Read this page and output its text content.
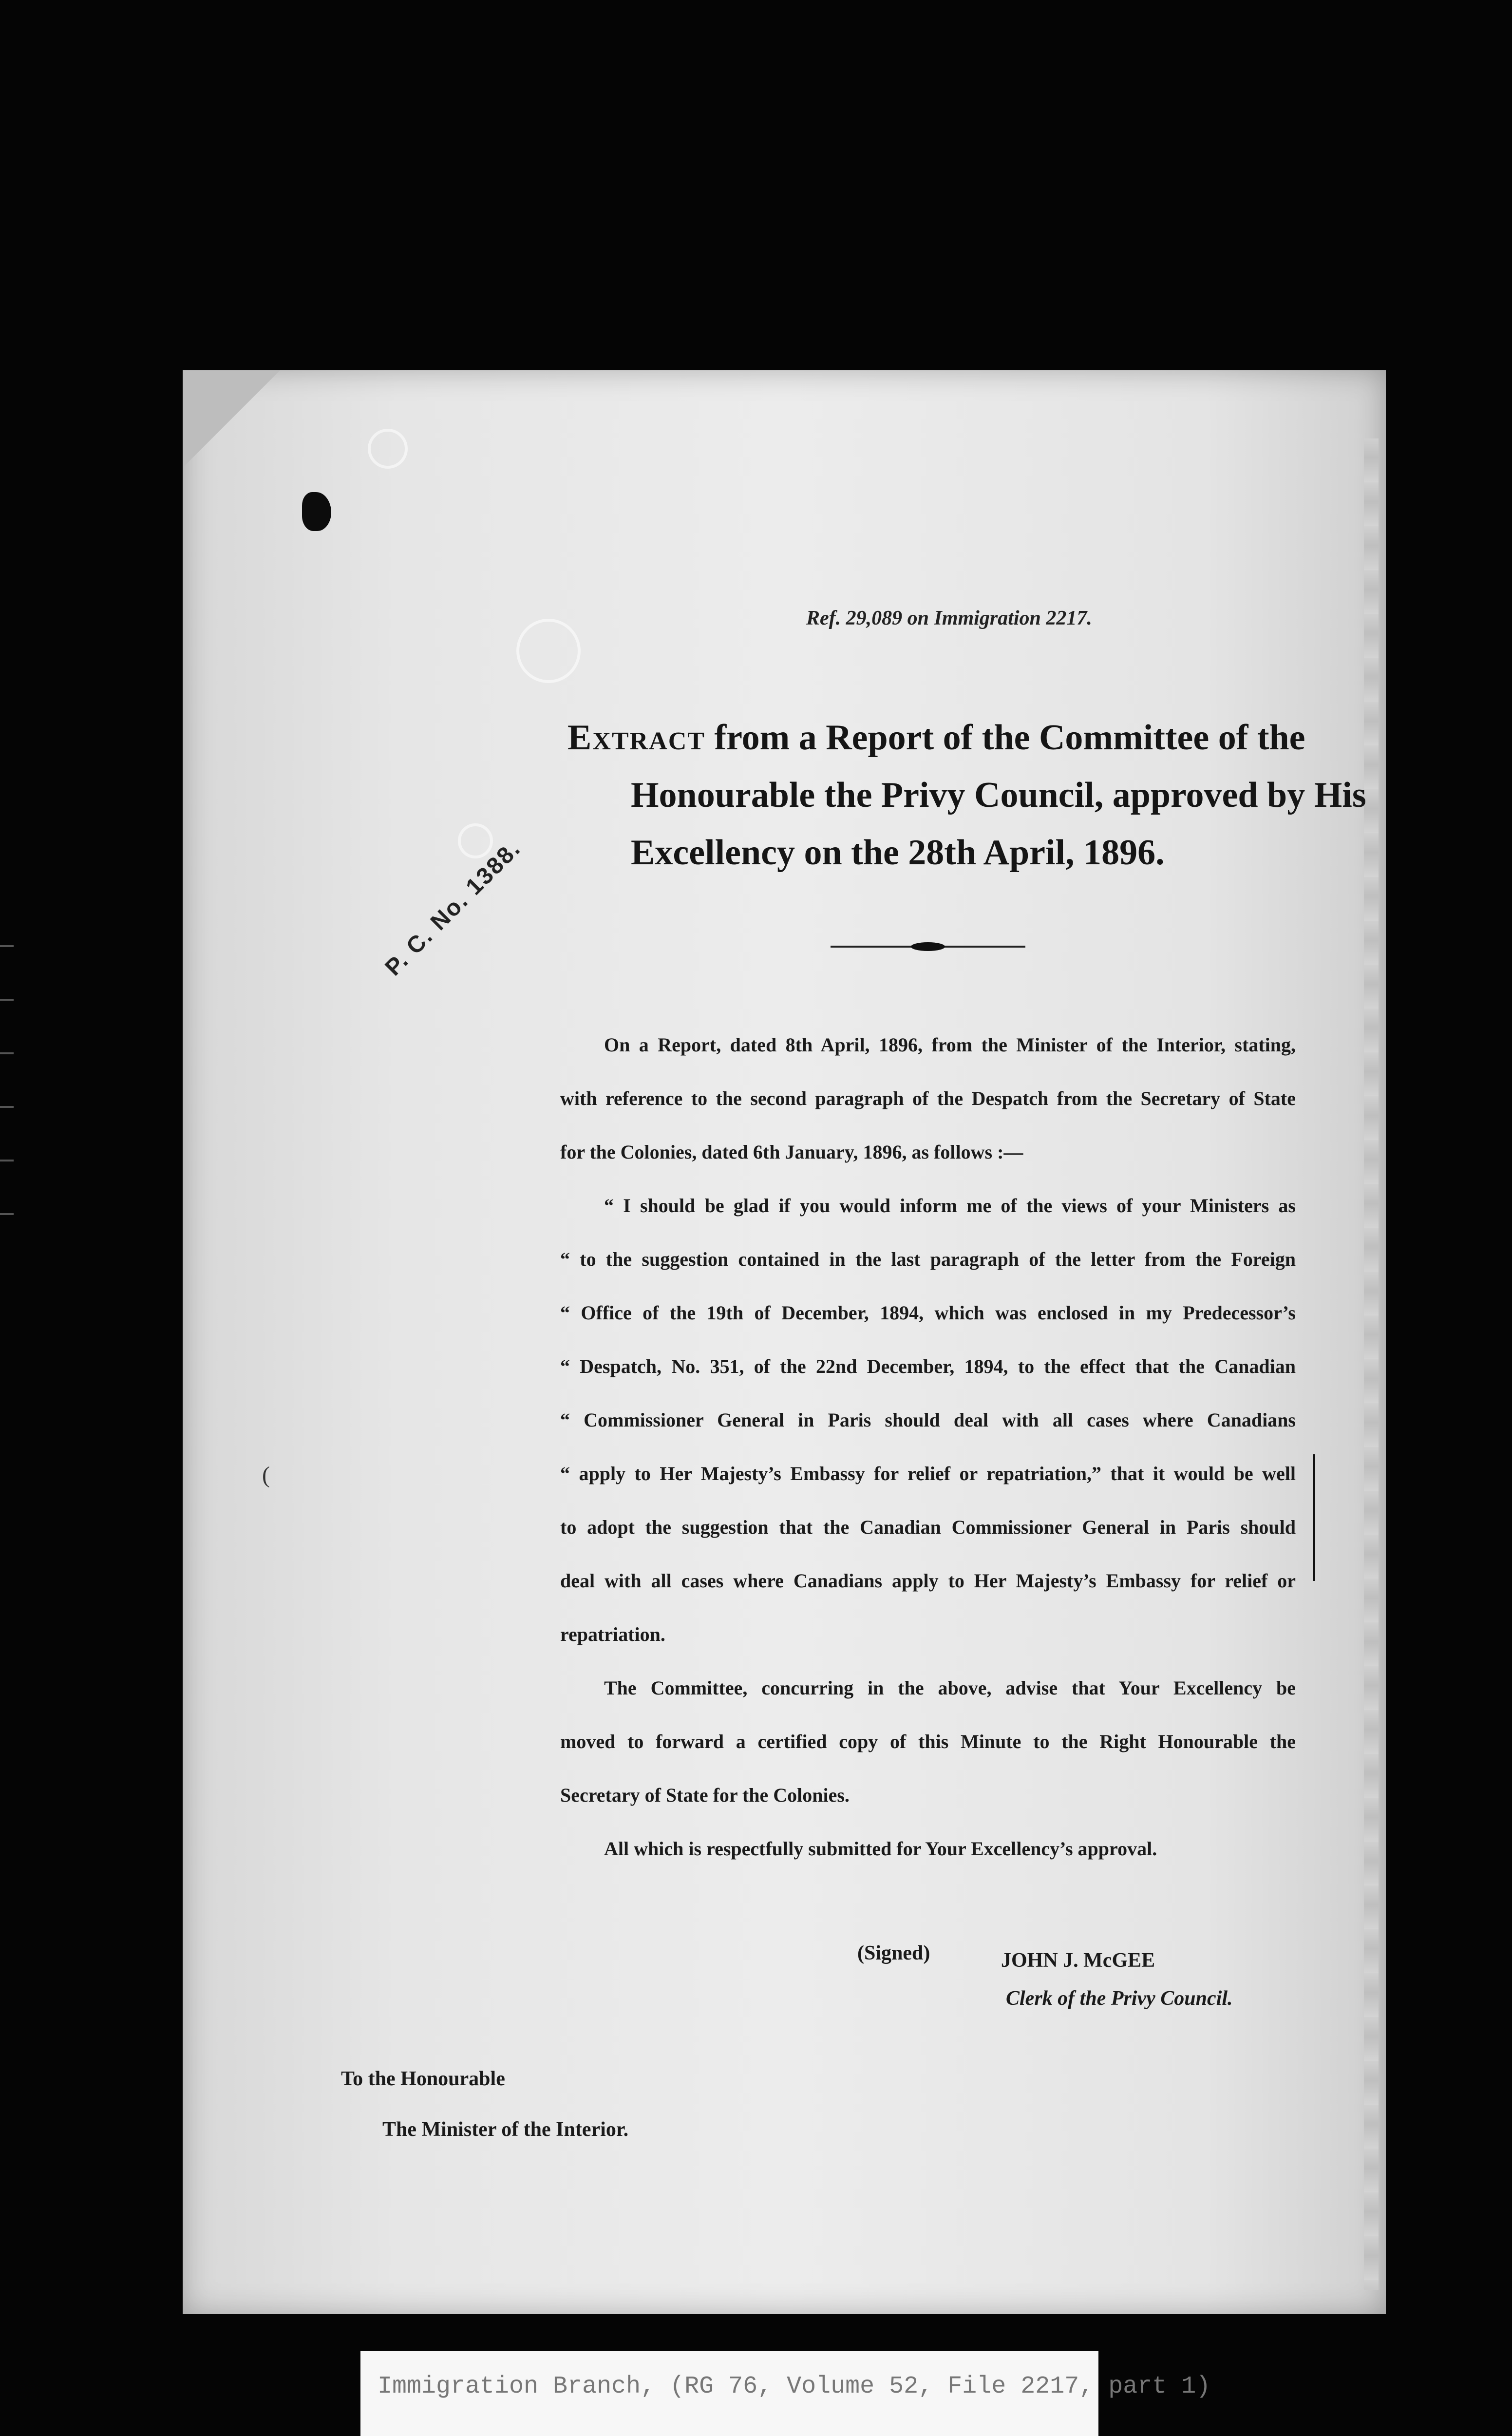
Ref. 29,089 on Immigration 2217.
Extract from a Report of the Committee of the
Honourable the Privy Council, approved by His
Excellency on the 28th April, 1896.
P. C. No. 1388.

On a Report, dated 8th April, 1896, from the Minister of the Interior, stating,
with reference to the second paragraph of the Despatch from the Secretary of State
for the Colonies, dated 6th January, 1896, as follows :—

“ I should be glad if you would inform me of the views of your Ministers as
“ to the suggestion contained in the last paragraph of the letter from the Foreign
“ Office of the 19th of December, 1894, which was enclosed in my Predecessor’s
“ Despatch, No. 351, of the 22nd December, 1894, to the effect that the Canadian
“ Commissioner General in Paris should deal with all cases where Canadians
“ apply to Her Majesty’s Embassy for relief or repatriation,” that it would be well
to adopt the suggestion that the Canadian Commissioner General in Paris should
deal with all cases where Canadians apply to Her Majesty’s Embassy for relief or
repatriation.

The Committee, concurring in the above, advise that Your Excellency be
moved to forward a certified copy of this Minute to the Right Honourable the
Secretary of State for the Colonies.

All which is respectfully submitted for Your Excellency’s approval.

(
(Signed)	JOHN J. McGEE
Clerk of the Privy Council.
To the Honourable
The Minister of the Interior.
Immigration Branch, (RG 76, Volume 52, File 2217, part 1)
